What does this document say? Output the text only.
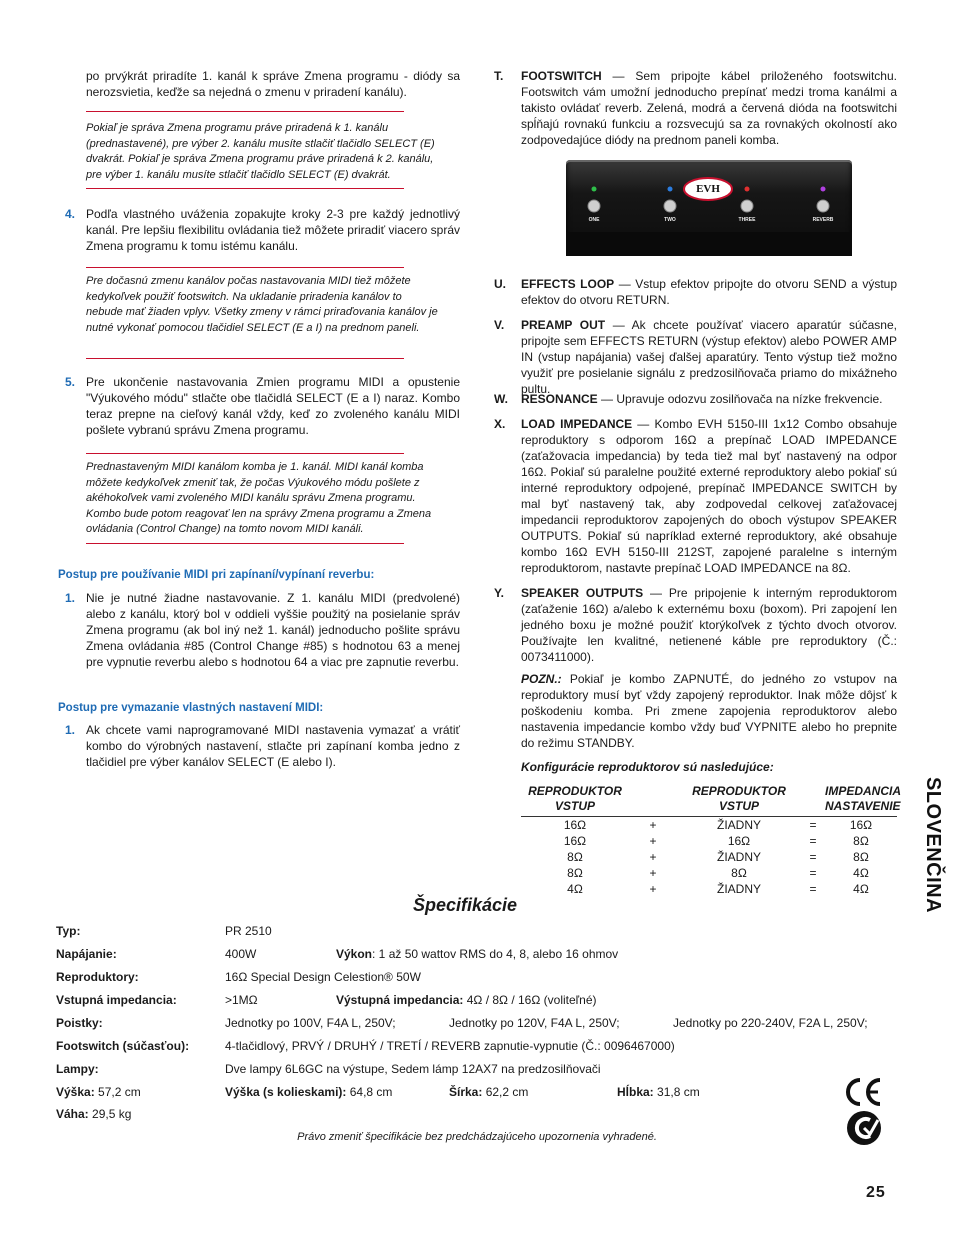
po prvýkrát priradíte 1. kanál k správe Zmena programu - diódy sa nerozsvietia, keďže sa nejedná o zmenu v priradení kanálu).
Pokiaľ je správa Zmena programu práve priradená k 1. kanálu (prednastavené), pre výber 2. kanálu musíte stlačiť tlačidlo SELECT (E) dvakrát. Pokiaľ je správa Zmena programu práve priradená k 2. kanálu, pre výber 1. kanálu musíte stlačiť tlačidlo SELECT (E) dvakrát.
4. Podľa vlastného uváženia zopakujte kroky 2-3 pre každý jednotlivý kanál. Pre lepšiu flexibilitu ovládania tiež môžete priradiť viacero správ Zmena programu k tomu istému kanálu.
Pre dočasnú zmenu kanálov počas nastavovania MIDI tiež môžete kedykoľvek použiť footswitch. Na ukladanie priradenia kanálov to nebude mať žiaden vplyv. Všetky zmeny v rámci priraďovania kanálov je nutné vykonať pomocou tlačidiel SELECT (E a I) na prednom paneli.
5. Pre ukončenie nastavovania Zmien programu MIDI a opustenie "Výukového módu" stlačte obe tlačidlá SELECT (E a I) naraz. Kombo teraz prepne na cieľový kanál vždy, keď zo zvoleného kanálu MIDI pošlete vybranú správu Zmena programu.
Prednastaveným MIDI kanálom komba je 1. kanál. MIDI kanál komba môžete kedykoľvek zmeniť tak, že počas Výukového módu pošlete z akéhokoľvek vami zvoleného MIDI kanálu správu Zmena programu. Kombo bude potom reagovať len na správy Zmena programu a Zmena ovládania (Control Change) na tomto novom MIDI kanáli.
Postup pre používanie MIDI pri zapínaní/vypínaní reverbu:
1. Nie je nutné žiadne nastavovanie. Z 1. kanálu MIDI (predvolené) alebo z kanálu, ktorý bol v oddieli vyššie použitý na posielanie správ Zmena programu (ak bol iný než 1. kanál) jednoducho pošlite správu Zmena ovládania #85 (Control Change #85) s hodnotou 63 a menej pre vypnutie reverbu alebo s hodnotou 64 a viac pre zapnutie reverbu.
Postup pre vymazanie vlastných nastavení MIDI:
1. Ak chcete vami naprogramované MIDI nastavenia vymazať a vrátiť kombo do výrobných nastavení, stlačte pri zapínaní komba jedno z tlačidiel pre výber kanálov SELECT (E alebo I).
T. FOOTSWITCH — Sem pripojte kábel priloženého footswitchu. Footswitch vám umožní jednoducho prepínať medzi troma kanálmi a takisto ovládať reverb. Zelená, modrá a červená dióda na footswitchi spĺňajú rovnakú funkciu a rozsvecujú sa za rovnakých okolností ako zodpovedajúce diódy na prednom paneli komba.
EVH
ONE	TWO	THREE	REVERB
U. EFFECTS LOOP — Vstup efektov pripojte do otvoru SEND a výstup efektov do otvoru RETURN.
V. PREAMP OUT — Ak chcete používať viacero aparatúr súčasne, pripojte sem EFFECTS RETURN (výstup efektov) alebo POWER AMP IN (vstup napájania) vašej ďalšej aparatúry. Tento výstup tiež možno využiť pre posielanie signálu z predzosilňovača priamo do mixážneho pultu.
W. RESONANCE — Upravuje odozvu zosilňovača na nízke frekvencie.
X. LOAD IMPEDANCE — Kombo EVH 5150-III 1x12 Combo obsahuje reproduktory s odporom 16Ω a prepínač LOAD IMPEDANCE (zaťažovacia impedancia) by teda tiež mal byť nastavený na odpor 16Ω. Pokiaľ sú paralelne použité externé reproduktory alebo pokiaľ sú interné reproduktory odpojené, prepínač IMPEDANCE SWITCH by mal byť nastavený tak, aby zodpovedal celkovej zaťažovacej impedancii reproduktorov zapojených do oboch výstupov SPEAKER OUTPUTS. Pokiaľ sú napríklad externé reproduktory, aké obsahuje kombo 16Ω EVH 5150-III 212ST, zapojené paralelne s interným reproduktorom, nastavte prepínač LOAD IMPEDANCE na 8Ω.
Y. SPEAKER OUTPUTS — Pre pripojenie k interným reproduktorom (zaťaženie 16Ω) a/alebo k externému boxu (boxom). Pri zapojení len jedného boxu je možné použiť ktorýkoľvek z týchto dvoch otvorov. Používajte len kvalitné, netienené káble pre reproduktory (Č.: 0073411000).
POZN.: Pokiaľ je kombo ZAPNUTÉ, do jedného zo vstupov na reproduktory musí byť vždy zapojený reproduktor. Inak môže dôjsť k poškodeniu komba. Pri zmene zapojenia reproduktorov alebo nastavenia impedancie kombo vždy buď VYPNITE alebo ho prepnite do režimu STANDBY.
Konfigurácie reproduktorov sú nasledujúce:
REPRODUKTOR
VSTUP
REPRODUKTOR
VSTUP
IMPEDANCIA
NASTAVENIE
16Ω	+	ŽIADNY	=	16Ω
16Ω	+	16Ω	=	8Ω
8Ω	+	ŽIADNY	=	8Ω
8Ω	+	8Ω	=	4Ω
4Ω	+	ŽIADNY	=	4Ω	SLOVENČINA
Špecifikácie
Typ:	PR 2510
Napájanie:	400W	Výkon: 1 až 50 wattov RMS do 4, 8, alebo 16 ohmov
Reproduktory:	16Ω Special Design Celestion® 50W
Vstupná impedancia:	>1MΩ	Výstupná impedancia: 4Ω / 8Ω / 16Ω (voliteľné)
Poistky:	Jednotky po 100V, F4A L, 250V;	Jednotky po 120V, F4A L, 250V;	Jednotky po 220-240V, F2A L, 250V;
Footswitch (súčasťou):	4-tlačidlový, PRVÝ / DRUHÝ / TRETÍ / REVERB zapnutie-vypnutie (Č.: 0096467000)
Lampy:	Dve lampy 6L6GC na výstupe, Sedem lámp 12AX7 na predzosilňovači
Výška: 57,2 cm	Výška (s kolieskami): 64,8 cm	Šírka: 62,2 cm	Hĺbka: 31,8 cm
Váha: 29,5 kg
Právo zmeniť špecifikácie bez predchádzajúceho upozornenia vyhradené.
25
